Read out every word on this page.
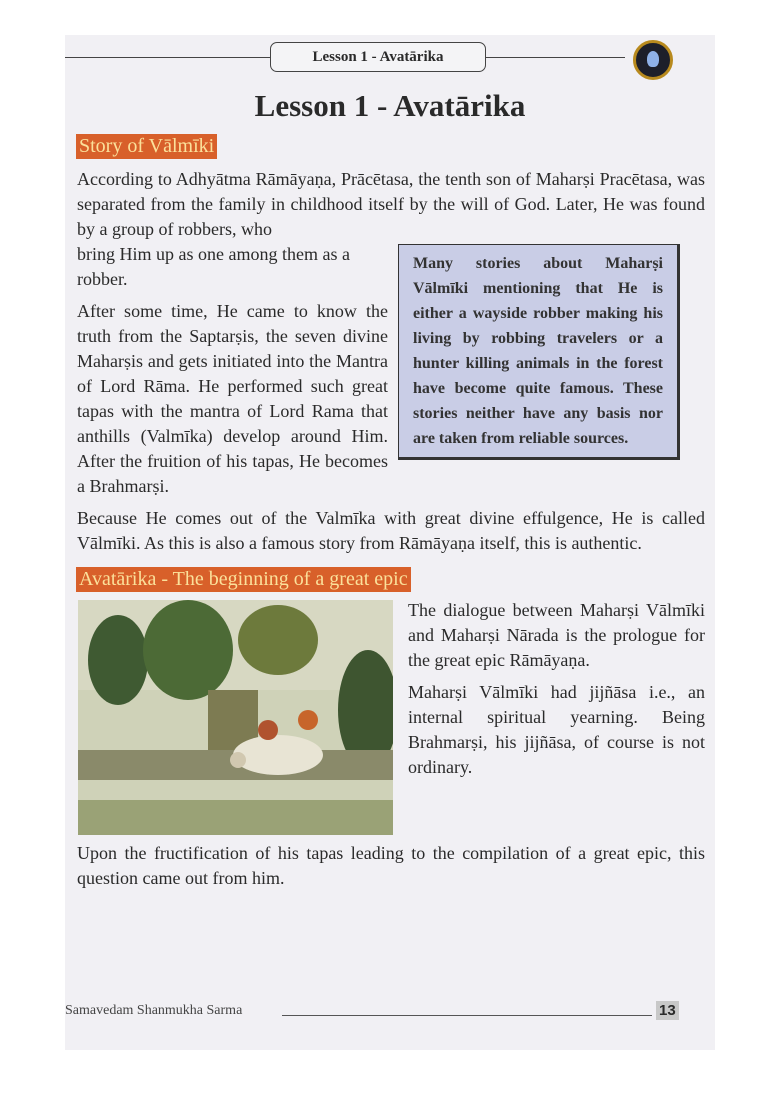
Lesson 1 - Avatārika
Lesson 1 - Avatārika
Story of Vālmīki

According to Adhyātma Rāmāyaṇa, Prācētasa, the tenth son of Maharṣi Pracētasa, was separated from the family in childhood itself by the will of God. Later, He was found by a group of robbers, who

Many stories about Maharṣi Vālmīki mentioning that He is either a wayside robber making his living by robbing travelers or a hunter killing animals in the forest have become quite famous. These stories neither have any basis nor are taken from reliable sources.

bring Him up as one among them as a robber.

After some time, He came to know the truth from the Saptarṣis, the seven divine Maharṣis and gets initiated into the Mantra of Lord Rāma. He performed such great tapas with the mantra of Lord Rama that anthills (Valmīka) develop around Him. After the fruition of his tapas, He becomes a Brahmarṣi.

Because He comes out of the Valmīka with great divine effulgence, He is called Vālmīki. As this is also a famous story from Rāmāyaṇa itself, this is authentic.

Avatārika - The beginning of a great epic

The dialogue between Maharṣi Vālmīki and Maharṣi Nārada is the prologue for the great epic Rāmāyaṇa.

Maharṣi Vālmīki had jijñāsa i.e., an internal spiritual yearning. Being Brahmarṣi, his jijñāsa, of course is not ordinary.

Upon the fructification of his tapas leading to the compilation of a great epic, this question came out from him.

Samavedam Shanmukha Sarma	13
